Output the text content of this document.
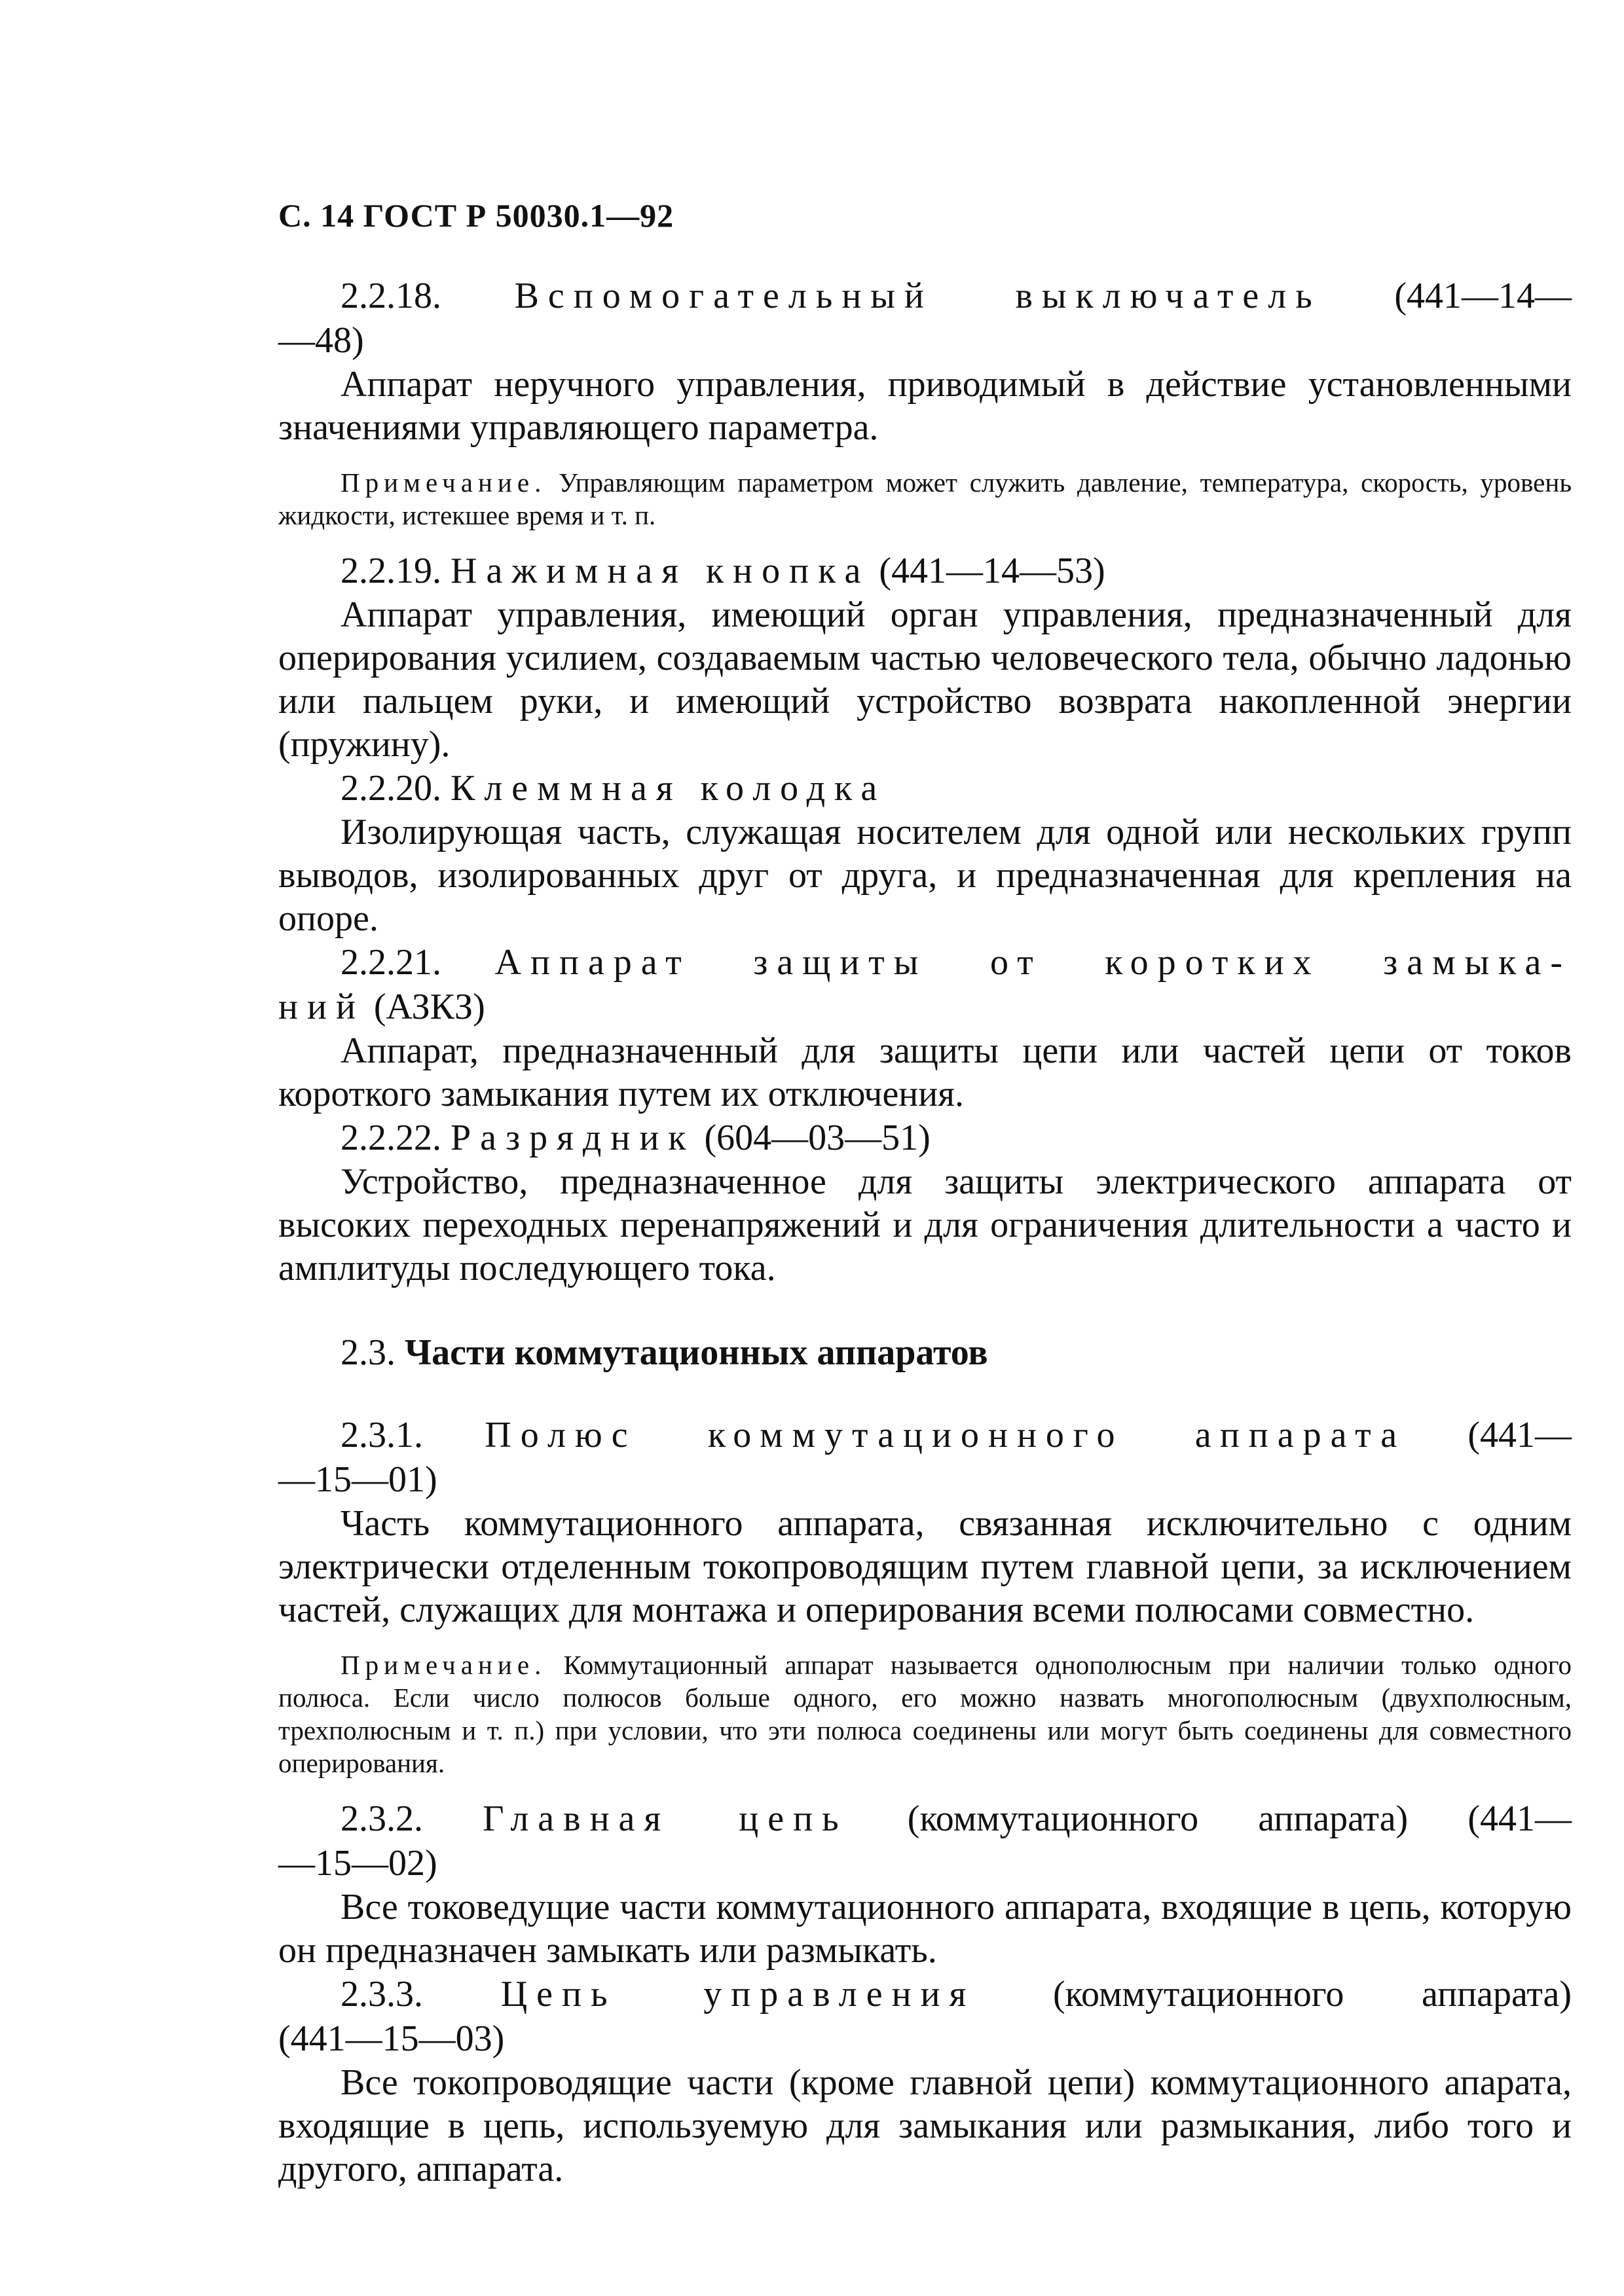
С. 14 ГОСТ Р 50030.1—92

2.2.18. Вспомогательный выключатель (441—14—

—48)

Аппарат неручного управления, приводимый в действие установленными значениями управляющего параметра.

Примечание. Управляющим параметром может служить давление, температура, скорость, уровень жидкости, истекшее время и т. п.

2.2.19. Нажимная кнопка (441—14—53)

Аппарат управления, имеющий орган управления, предназначенный для оперирования усилием, создаваемым частью человеческого тела, обычно ладонью или пальцем руки, и имеющий устройство возврата накопленной энергии (пружину).

2.2.20. Клеммная колодка

Изолирующая часть, служащая носителем для одной или нескольких групп выводов, изолированных друг от друга, и предназначенная для крепления на опоре.

2.2.21. Аппарат защиты от коротких замыка-

ний (АЗКЗ)

Аппарат, предназначенный для защиты цепи или частей цепи от токов короткого замыкания путем их отключения.

2.2.22. Разрядник (604—03—51)

Устройство, предназначенное для защиты электрического аппарата от высоких переходных перенапряжений и для ограничения длительности а часто и амплитуды последующего тока.

2.3. Части коммутационных аппаратов

2.3.1. Полюс коммутационного аппарата (441—

—15—01)

Часть коммутационного аппарата, связанная исключительно с одним электрически отделенным токопроводящим путем главной цепи, за исключением частей, служащих для монтажа и оперирования всеми полюсами совместно.

Примечание. Коммутационный аппарат называется однополюсным при наличии только одного полюса. Если число полюсов больше одного, его можно назвать многополюсным (двухполюсным, трехполюсным и т. п.) при условии, что эти полюса соединены или могут быть соединены для совместного оперирования.

2.3.2. Главная цепь (коммутационного аппарата) (441—

—15—02)

Все токоведущие части коммутационного аппарата, входящие в цепь, которую он предназначен замыкать или размыкать.

2.3.3. Цепь управления (коммутационного аппарата)

(441—15—03)

Все токопроводящие части (кроме главной цепи) коммутационного апарата, входящие в цепь, используемую для замыкания или размыкания, либо того и другого, аппарата.
